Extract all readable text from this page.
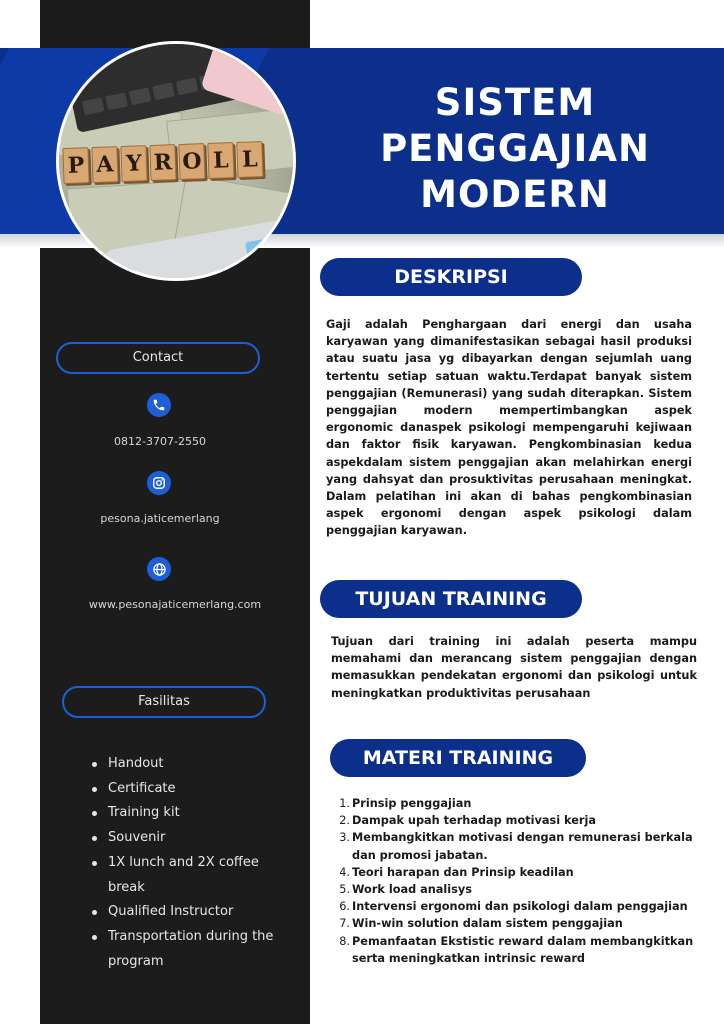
SISTEM
PENGGAJIAN
MODERN
P A Y R O L L
DESKRIPSI
Gaji adalah Penghargaan dari energi dan usaha karyawan yang dimanifestasikan sebagai hasil produksi atau suatu jasa yg dibayarkan dengan sejumlah uang tertentu setiap satuan waktu.Terdapat banyak sistem penggajian (Remunerasi) yang sudah diterapkan. Sistem penggajian modern mempertimbangkan aspek ergonomic danaspek psikologi mempengaruhi kejiwaan dan faktor fisik karyawan. Pengkombinasian kedua aspekdalam sistem penggajian akan melahirkan energi yang dahsyat dan prosuktivitas perusahaan meningkat. Dalam pelatihan ini akan di bahas pengkombinasian aspek ergonomi dengan aspek psikologi dalam penggajian karyawan.
TUJUAN TRAINING
Tujuan dari training ini adalah peserta mampu memahami dan merancang sistem penggajian dengan memasukkan pendekatan ergonomi dan psikologi untuk meningkatkan produktivitas perusahaan
MATERI TRAINING
1. Prinsip penggajian
2. Dampak upah terhadap motivasi kerja
3. Membangkitkan motivasi dengan remunerasi berkala dan promosi jabatan.
4. Teori harapan dan Prinsip keadilan
5. Work load analisys
6. Intervensi ergonomi dan psikologi dalam penggajian
7. Win-win solution dalam sistem penggajian
8. Pemanfaatan Ekstistic reward dalam membangkitkan serta meningkatkan intrinsic reward
Contact
0812-3707-2550
pesona.jaticemerlang
www.pesonajaticemerlang.com
Fasilitas
Handout
Certificate
Training kit
Souvenir
1X lunch and 2X coffee break
Qualified Instructor
Transportation during the program
